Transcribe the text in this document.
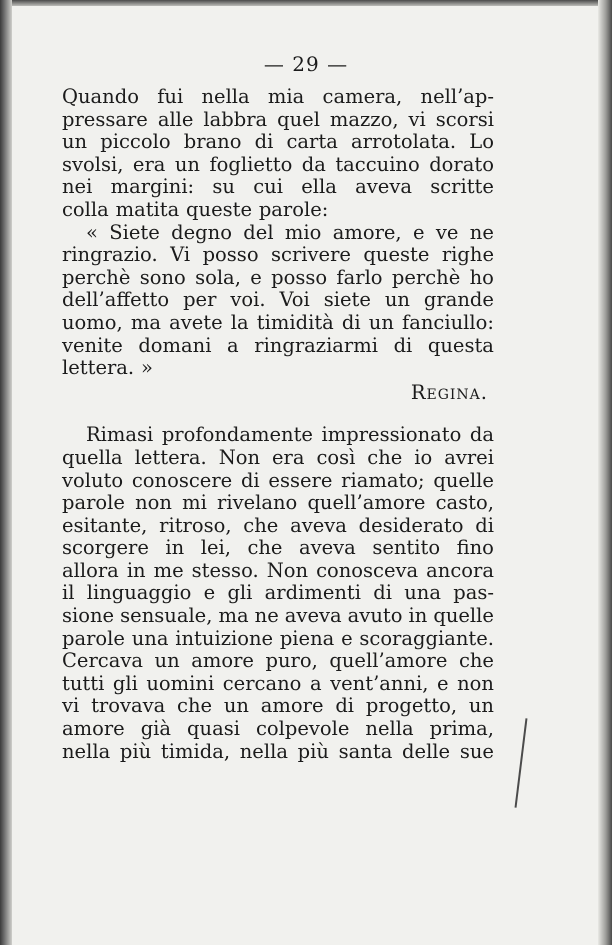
— 29 —
Quando fui nella mia camera, nell’ap-
pressare alle labbra quel mazzo, vi scorsi
un piccolo brano di carta arrotolata. Lo
svolsi, era un foglietto da taccuino dorato
nei margini: su cui ella aveva scritte
colla matita queste parole:
« Siete degno del mio amore, e ve ne
ringrazio. Vi posso scrivere queste righe
perchè sono sola, e posso farlo perchè ho
dell’affetto per voi. Voi siete un grande
uomo, ma avete la timidità di un fanciullo:
venite domani a ringraziarmi di questa
lettera. »
Regina.
Rimasi profondamente impressionato da
quella lettera. Non era così che io avrei
voluto conoscere di essere riamato; quelle
parole non mi rivelano quell’amore casto,
esitante, ritroso, che aveva desiderato di
scorgere in lei, che aveva sentito fino
allora in me stesso. Non conosceva ancora
il linguaggio e gli ardimenti di una pas-
sione sensuale, ma ne aveva avuto in quelle
parole una intuizione piena e scoraggiante.
Cercava un amore puro, quell’amore che
tutti gli uomini cercano a vent’anni, e non
vi trovava che un amore di progetto, un
amore già quasi colpevole nella prima,
nella più timida, nella più santa delle sue
